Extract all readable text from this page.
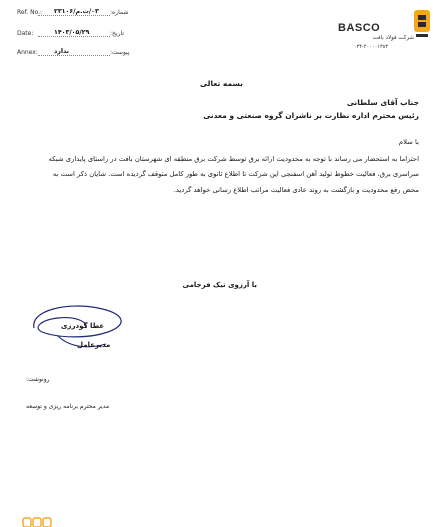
Ref. No.: ۰۳/ت.م/۲۳۱۰۶ شماره:
Date:	۱۴۰۳/۰۵/۲۹	تاریخ:
Annex:	ندارد	پیوست:
BASCO
شرکت فولاد بافت
۰۳۴-۴۰۰۰۰۱۳۸۳
بسمه تعالی
جناب آقای سلطانی
رئیس محترم اداره نظارت بر ناشران گروه صنعتی و معدنی
با سلام
احتراما به استحضار می رساند با توجه به محدودیت ارائه برق توسط شرکت برق منطقه ای شهرستان بافت در راستای پایداری شبکه
سراسری برق، فعالیت خطوط تولید آهن اسفنجی این شرکت تا اطلاع ثانوی به طور کامل متوقف گردیده است. شایان ذکر است به
محض رفع محدودیت و بازگشت به روند عادی فعالیت مراتب اطلاع رسانی خواهد گردید.
با آرزوی نیک فرجامی
عطا گودرزی
مدیرعامل
رونوشت:
مدیر محترم برنامه ریزی و توسعه
